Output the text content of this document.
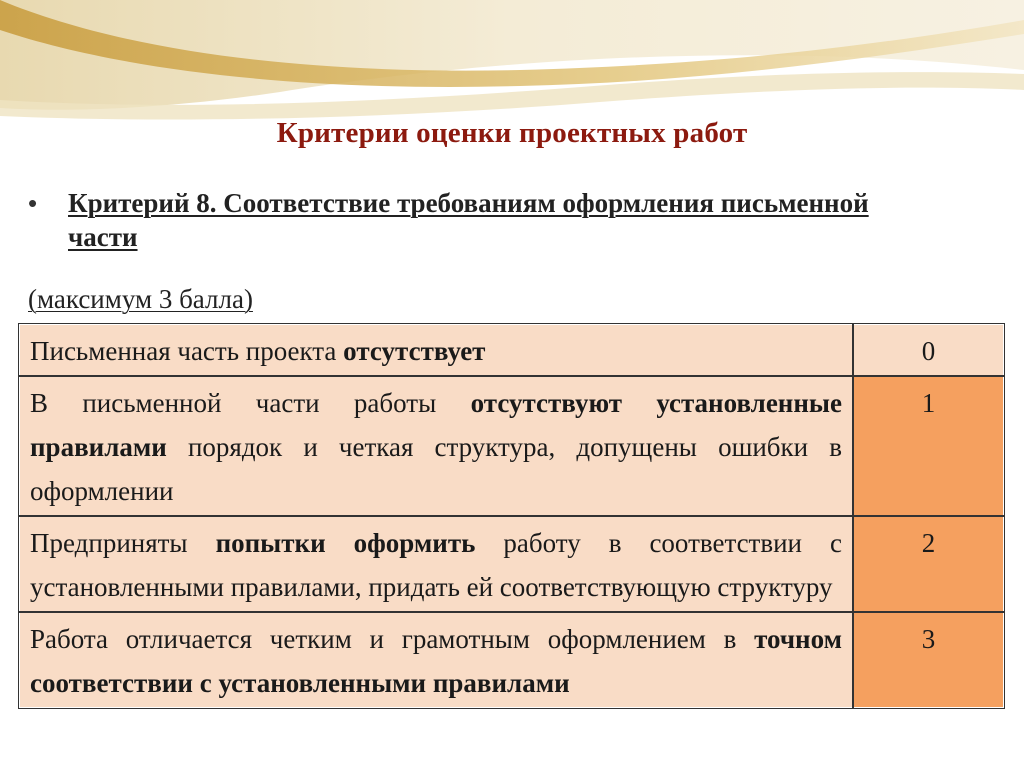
Критерии оценки проектных работ
• Критерий 8. Соответствие требованиям оформления письменной части
(максимум 3 балла)
Письменная часть проекта отсутствует	0
В письменной части работы отсутствуют установленные правилами порядок и четкая структура, допущены ошибки в оформлении	1
Предприняты попытки оформить работу в соответствии с установленными правилами, придать ей соответствующую структуру	2
Работа отличается четким и грамотным оформлением в точном соответствии с установленными правилами	3
